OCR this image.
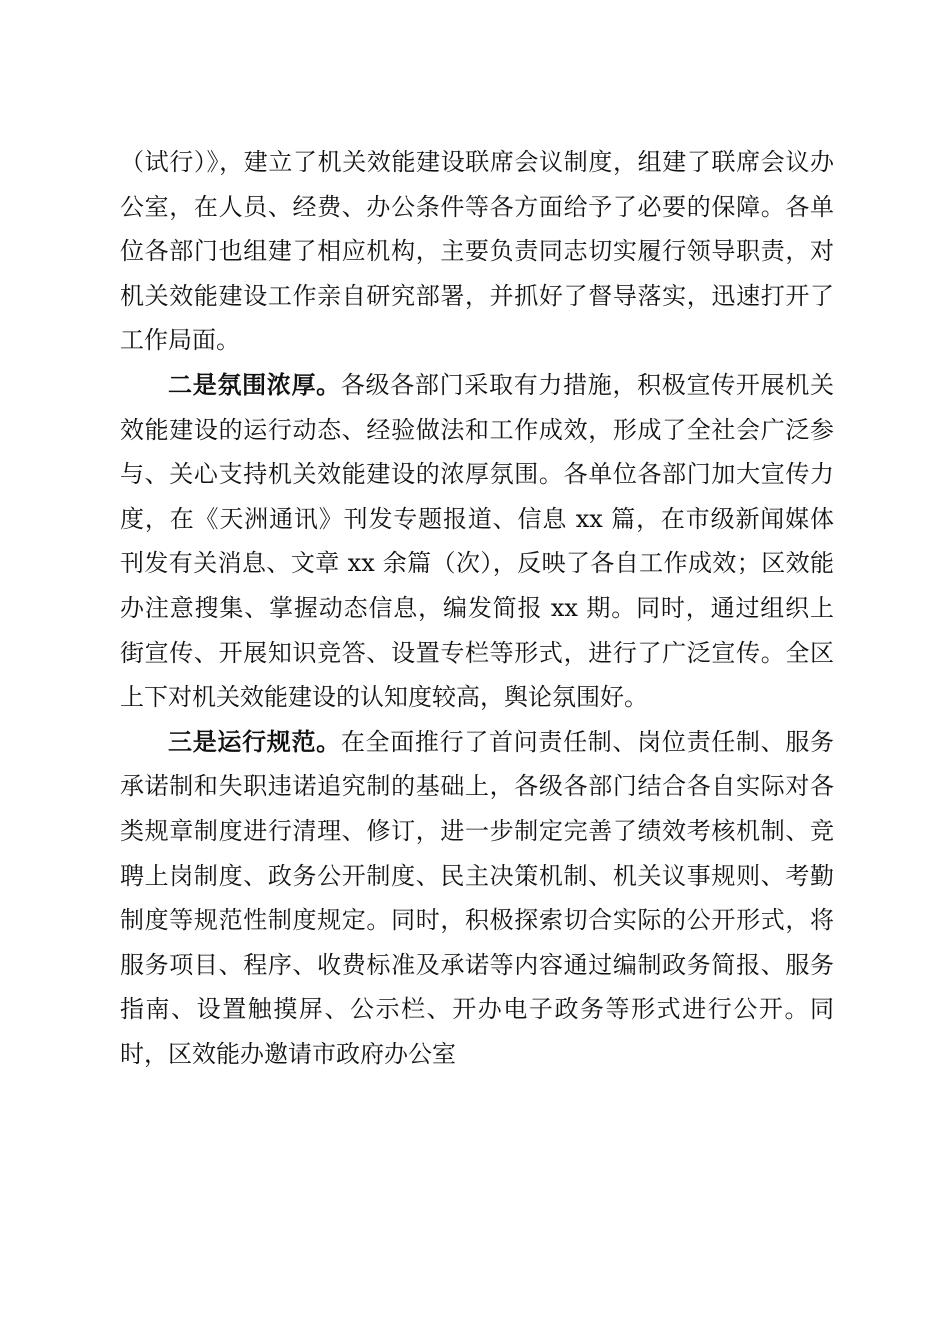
（试行）》，建立了机关效能建设联席会议制度，组建了联席会议办公室，在人员、经费、办公条件等各方面给予了必要的保障。各单位各部门也组建了相应机构，主要负责同志切实履行领导职责，对机关效能建设工作亲自研究部署，并抓好了督导落实，迅速打开了工作局面。

二是氛围浓厚。各级各部门采取有力措施，积极宣传开展机关效能建设的运行动态、经验做法和工作成效，形成了全社会广泛参与、关心支持机关效能建设的浓厚氛围。各单位各部门加大宣传力度，在《天洲通讯》刊发专题报道、信息 xx 篇，在市级新闻媒体刊发有关消息、文章 xx 余篇（次），反映了各自工作成效；区效能办注意搜集、掌握动态信息，编发简报 xx 期。同时，通过组织上街宣传、开展知识竞答、设置专栏等形式，进行了广泛宣传。全区上下对机关效能建设的认知度较高，舆论氛围好。

三是运行规范。在全面推行了首问责任制、岗位责任制、服务承诺制和失职违诺追究制的基础上，各级各部门结合各自实际对各类规章制度进行清理、修订，进一步制定完善了绩效考核机制、竞聘上岗制度、政务公开制度、民主决策机制、机关议事规则、考勤制度等规范性制度规定。同时，积极探索切合实际的公开形式，将服务项目、程序、收费标准及承诺等内容通过编制政务简报、服务指南、设置触摸屏、公示栏、开办电子政务等形式进行公开。同时，区效能办邀请市政府办公室
